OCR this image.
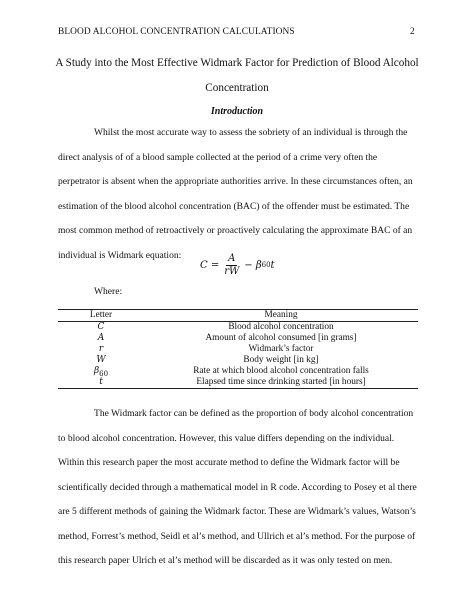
BLOOD ALCOHOL CONCENTRATION CALCULATIONS	2
A Study into the Most Effective Widmark Factor for Prediction of Blood Alcohol
Concentration
Introduction

Whilst the most accurate way to assess the sobriety of an individual is through the direct analysis of of a blood sample collected at the period of a crime very often the perpetrator is absent when the appropriate authorities arrive. In these circumstances often, an estimation of the blood alcohol concentration (BAC) of the offender must be estimated. The most common method of retroactively or proactively calculating the approximate BAC of an individual is Widmark equation:

$C = \frac{A}{rW} - \beta$ 60 t
Where:
Letter	Meaning
C	Blood alcohol concentration
A	Amount of alcohol consumed [in grams]
r	Widmark’s factor
W	Body weight [in kg]
$\beta_{60}$	Rate at which blood alcohol concentration falls
t	Elapsed time since drinking started [in hours]

The Widmark factor can be defined as the proportion of body alcohol concentration to blood alcohol concentration. However, this value differs depending on the individual. Within this research paper the most accurate method to define the Widmark factor will be scientifically decided through a mathematical model in R code. According to Posey et al there are 5 different methods of gaining the Widmark factor. These are Widmark’s values, Watson’s method, Forrest’s method, Seidl et al’s method, and Ullrich et al’s method. For the purpose of this research paper Ulrich et al’s method will be discarded as it was only tested on men.
